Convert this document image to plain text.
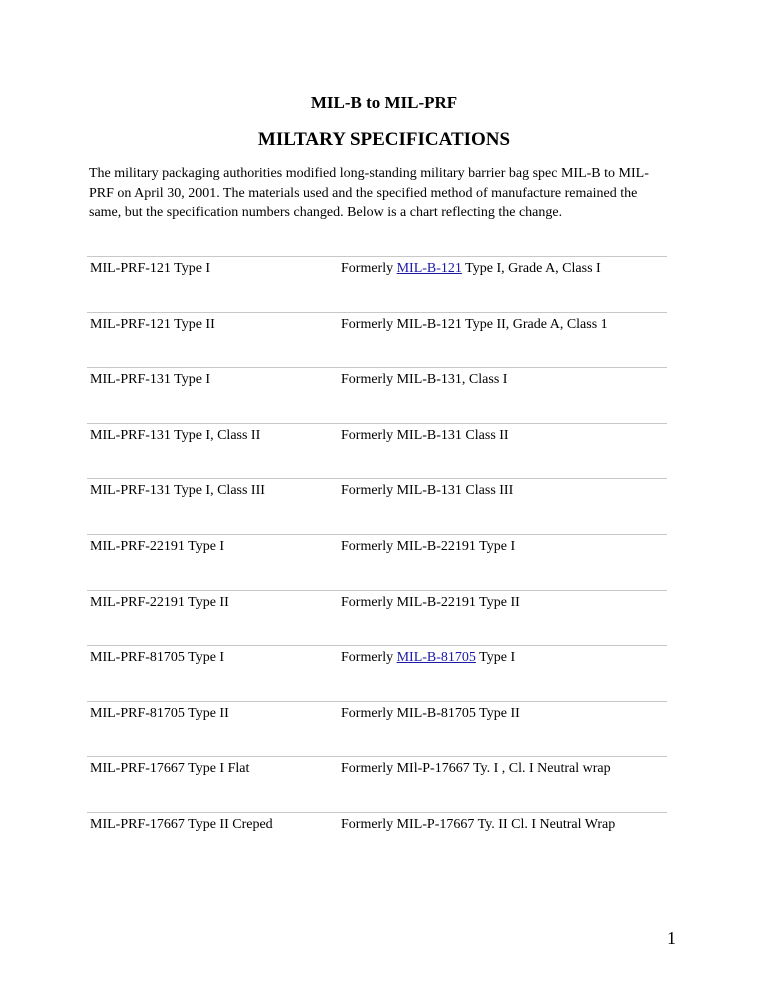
MIL-B to MIL-PRF
MILTARY SPECIFICATIONS

The military packaging authorities modified long-standing military barrier bag spec MIL-B to MIL-PRF on April 30, 2001. The materials used and the specified method of manufacture remained the same, but the specification numbers changed. Below is a chart reflecting the change.

MIL-PRF-121 Type I	Formerly MIL-B-121 Type I, Grade A, Class I
MIL-PRF-121 Type II	Formerly MIL-B-121 Type II, Grade A, Class 1
MIL-PRF-131 Type I	Formerly MIL-B-131, Class I
MIL-PRF-131 Type I, Class II	Formerly MIL-B-131 Class II
MIL-PRF-131 Type I, Class III	Formerly MIL-B-131 Class III
MIL-PRF-22191 Type I	Formerly MIL-B-22191 Type I
MIL-PRF-22191 Type II	Formerly MIL-B-22191 Type II
MIL-PRF-81705 Type I	Formerly MIL-B-81705 Type I
MIL-PRF-81705 Type II	Formerly MIL-B-81705 Type II
MIL-PRF-17667 Type I Flat	Formerly MIl-P-17667 Ty. I , Cl. I Neutral wrap
MIL-PRF-17667 Type II Creped	Formerly MIL-P-17667 Ty. II Cl. I Neutral Wrap
1
